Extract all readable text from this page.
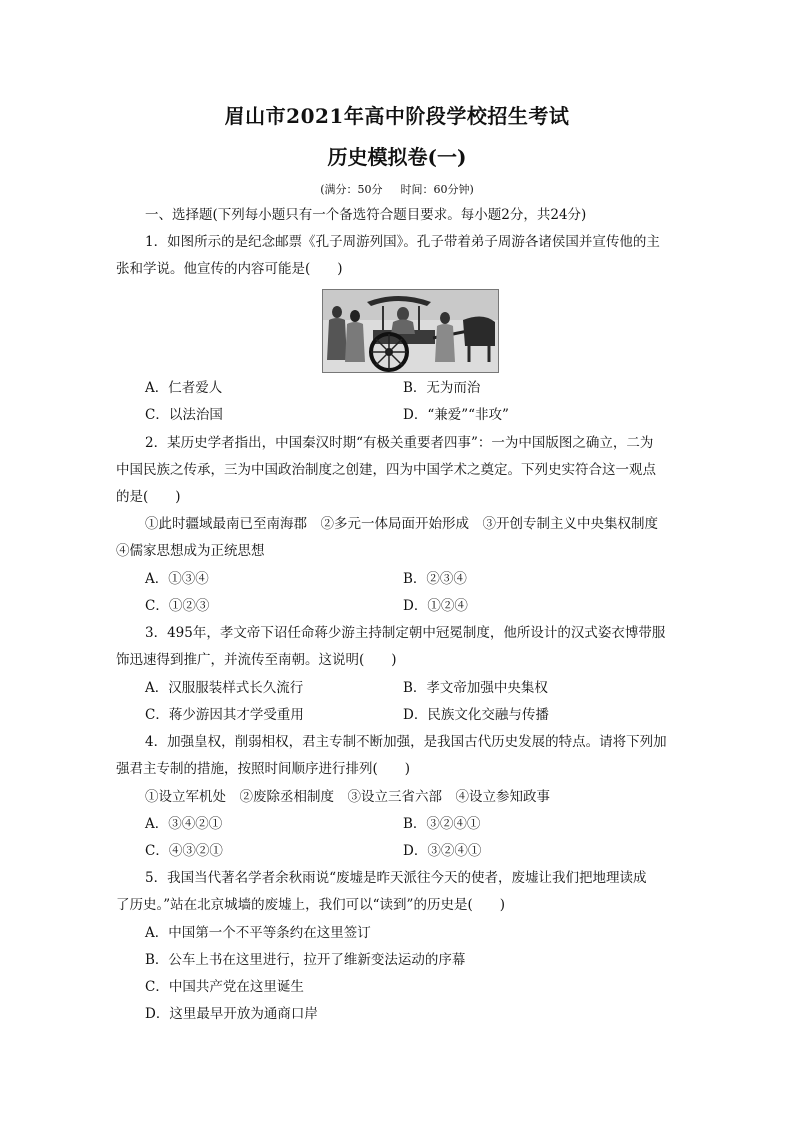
眉山市2021年高中阶段学校招生考试
历史模拟卷(一)
(满分：50分 时间：60分钟)
一、选择题(下列每小题只有一个备选符合题目要求。每小题2分，共24分)
1．如图所示的是纪念邮票《孔子周游列国》。孔子带着弟子周游各诸侯国并宣传他的主
张和学说。他宣传的内容可能是(　　)
A．仁者爱人	B．无为而治
C．以法治国	D．“兼爱”“非攻”
2．某历史学者指出，中国秦汉时期“有极关重要者四事”：一为中国版图之确立，二为
中国民族之传承，三为中国政治制度之创建，四为中国学术之奠定。下列史实符合这一观点
的是(　　)
①此时疆域最南已至南海郡　②多元一体局面开始形成　③开创专制主义中央集权制度
④儒家思想成为正统思想
A．①③④	B．②③④
C．①②③	D．①②④
3．495年，孝文帝下诏任命蒋少游主持制定朝中冠冕制度，他所设计的汉式姿衣博带服
饰迅速得到推广，并流传至南朝。这说明(　　)
A．汉服服装样式长久流行	B．孝文帝加强中央集权
C．蒋少游因其才学受重用	D．民族文化交融与传播
4．加强皇权，削弱相权，君主专制不断加强，是我国古代历史发展的特点。请将下列加
强君主专制的措施，按照时间顺序进行排列(　　)
①设立军机处　②废除丞相制度　③设立三省六部　④设立参知政事
A．③④②①	B．③②④①
C．④③②①	D．③②④①
5．我国当代著名学者余秋雨说“废墟是昨天派往今天的使者，废墟让我们把地理读成
了历史。”站在北京城墙的废墟上，我们可以“读到”的历史是(　　)
A．中国第一个不平等条约在这里签订
B．公车上书在这里进行，拉开了维新变法运动的序幕
C．中国共产党在这里诞生
D．这里最早开放为通商口岸
